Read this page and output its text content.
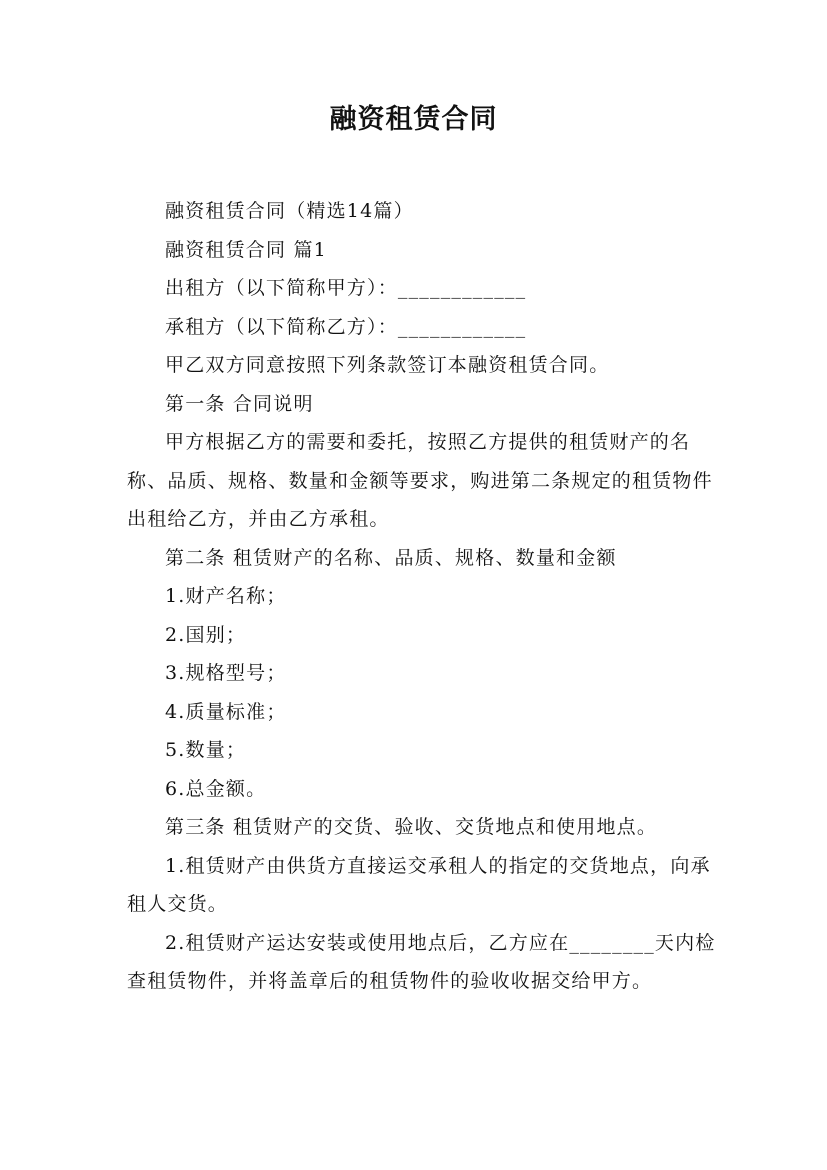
融资租赁合同

融资租赁合同（精选14篇）

融资租赁合同 篇1

出租方（以下简称甲方）：____________

承租方（以下简称乙方）：____________

甲乙双方同意按照下列条款签订本融资租赁合同。

第一条 合同说明

甲方根据乙方的需要和委托，按照乙方提供的租赁财产的名称、品质、规格、数量和金额等要求，购进第二条规定的租赁物件出租给乙方，并由乙方承租。

第二条 租赁财产的名称、品质、规格、数量和金额

1.财产名称；

2.国别；

3.规格型号；

4.质量标准；

5.数量；

6.总金额。

第三条 租赁财产的交货、验收、交货地点和使用地点。

1.租赁财产由供货方直接运交承租人的指定的交货地点，向承租人交货。

2.租赁财产运达安装或使用地点后，乙方应在________天内检查租赁物件，并将盖章后的租赁物件的验收收据交给甲方。
